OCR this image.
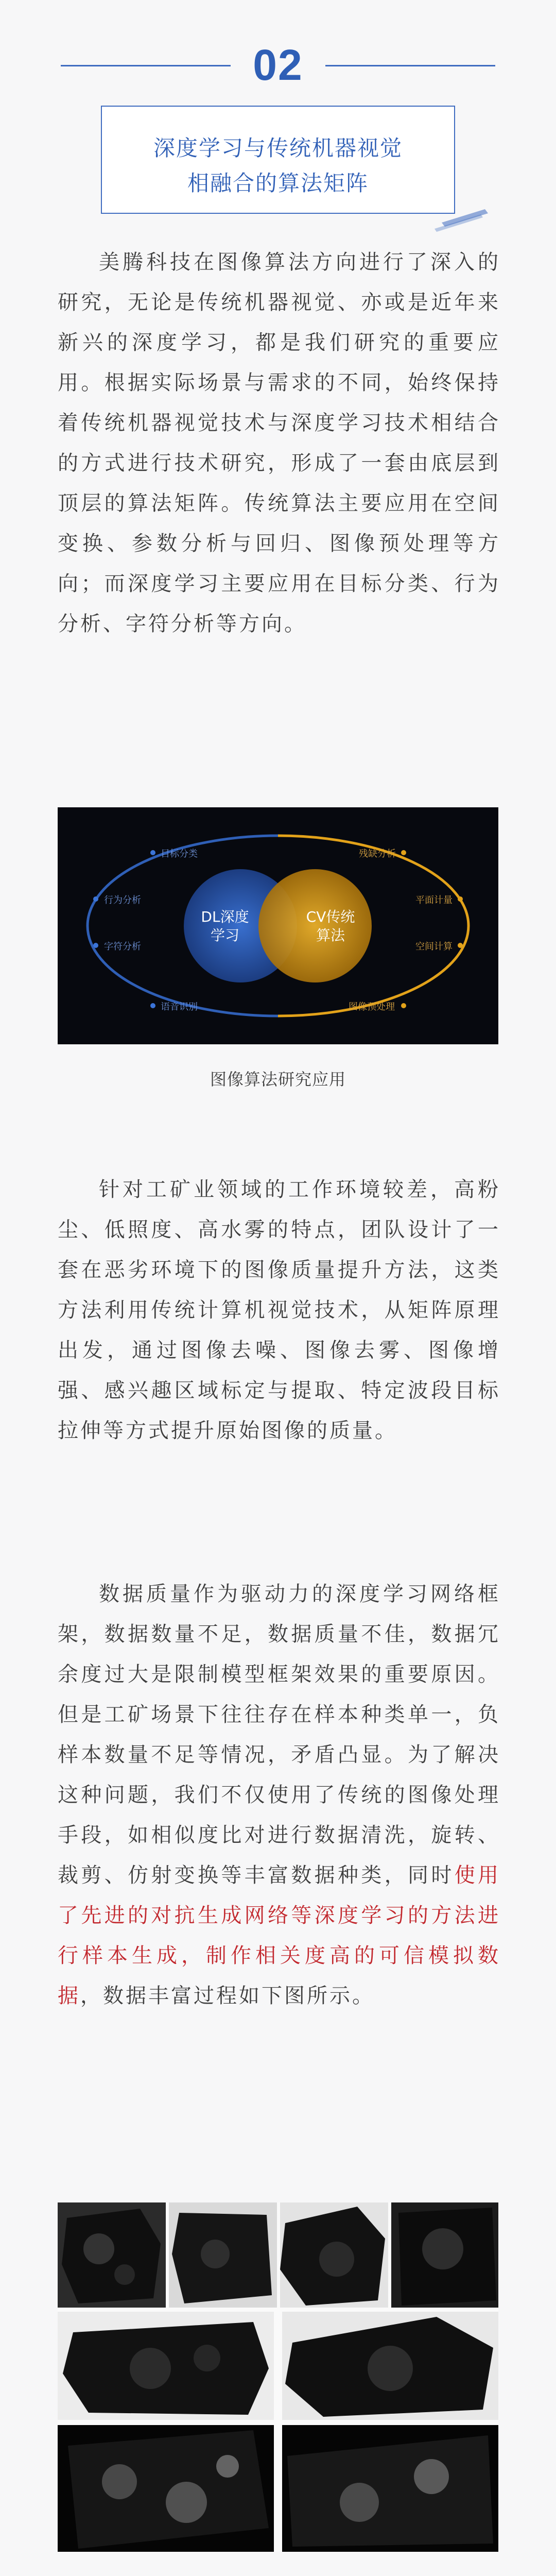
02
深度学习与传统机器视觉
相融合的算法矩阵

美腾科技在图像算法方向进行了深入的研究，无论是传统机器视觉、亦或是近年来新兴的深度学习，都是我们研究的重要应用。根据实际场景与需求的不同，始终保持着传统机器视觉技术与深度学习技术相结合的方式进行技术研究，形成了一套由底层到顶层的算法矩阵。传统算法主要应用在空间变换、参数分析与回归、图像预处理等方向；而深度学习主要应用在目标分类、行为分析、字符分析等方向。

DL深度
学习
CV传统
算法
目标分类
行为分析
字符分析
语音识别
残缺分析
平面计量
空间计算
图像预处理
图像算法研究应用

针对工矿业领域的工作环境较差，高粉尘、低照度、高水雾的特点，团队设计了一套在恶劣环境下的图像质量提升方法，这类方法利用传统计算机视觉技术，从矩阵原理出发，通过图像去噪、图像去雾、图像增强、感兴趣区域标定与提取、特定波段目标拉伸等方式提升原始图像的质量。

数据质量作为驱动力的深度学习网络框架，数据数量不足，数据质量不佳，数据冗余度过大是限制模型框架效果的重要原因。但是工矿场景下往往存在样本种类单一，负样本数量不足等情况，矛盾凸显。为了解决这种问题，我们不仅使用了传统的图像处理手段，如相似度比对进行数据清洗，旋转、裁剪、仿射变换等丰富数据种类，同时使用了先进的对抗生成网络等深度学习的方法进行样本生成，制作相关度高的可信模拟数据，数据丰富过程如下图所示。
